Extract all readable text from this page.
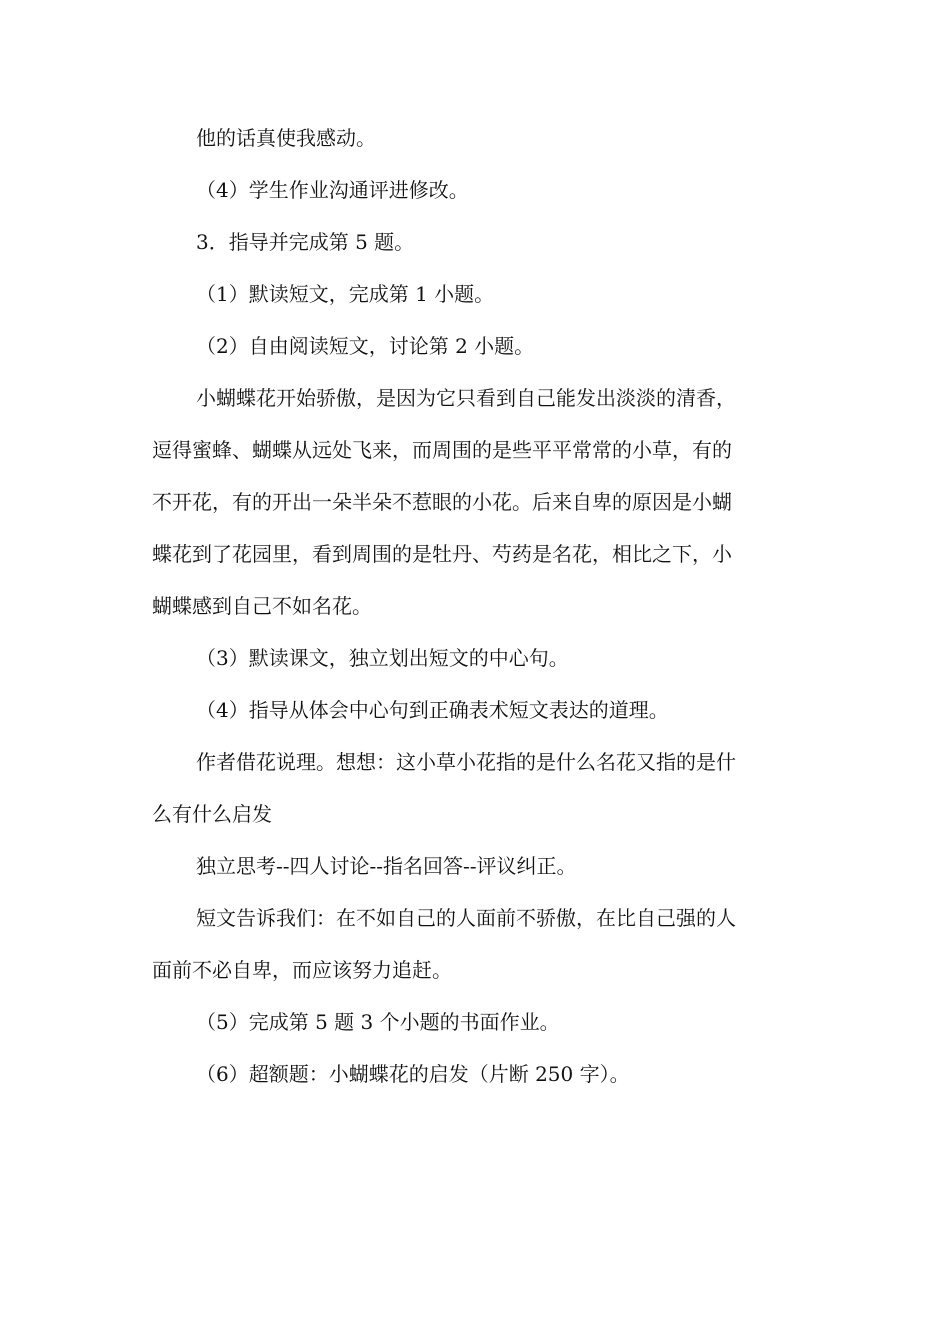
他的话真使我感动。

（4）学生作业沟通评进修改。

3．指导并完成第 5 题。

（1）默读短文，完成第 1 小题。

（2）自由阅读短文，讨论第 2 小题。

小蝴蝶花开始骄傲，是因为它只看到自己能发出淡淡的清香，
逗得蜜蜂、蝴蝶从远处飞来，而周围的是些平平常常的小草，有的
不开花，有的开出一朵半朵不惹眼的小花。后来自卑的原因是小蝴
蝶花到了花园里，看到周围的是牡丹、芍药是名花，相比之下，小
蝴蝶感到自己不如名花。

（3）默读课文，独立划出短文的中心句。

（4）指导从体会中心句到正确表术短文表达的道理。

作者借花说理。想想：这小草小花指的是什么名花又指的是什
么有什么启发

独立思考--四人讨论--指名回答--评议纠正。

短文告诉我们：在不如自己的人面前不骄傲，在比自己强的人
面前不必自卑，而应该努力追赶。

（5）完成第 5 题 3 个小题的书面作业。

（6）超额题：小蝴蝶花的启发（片断 250 字）。
